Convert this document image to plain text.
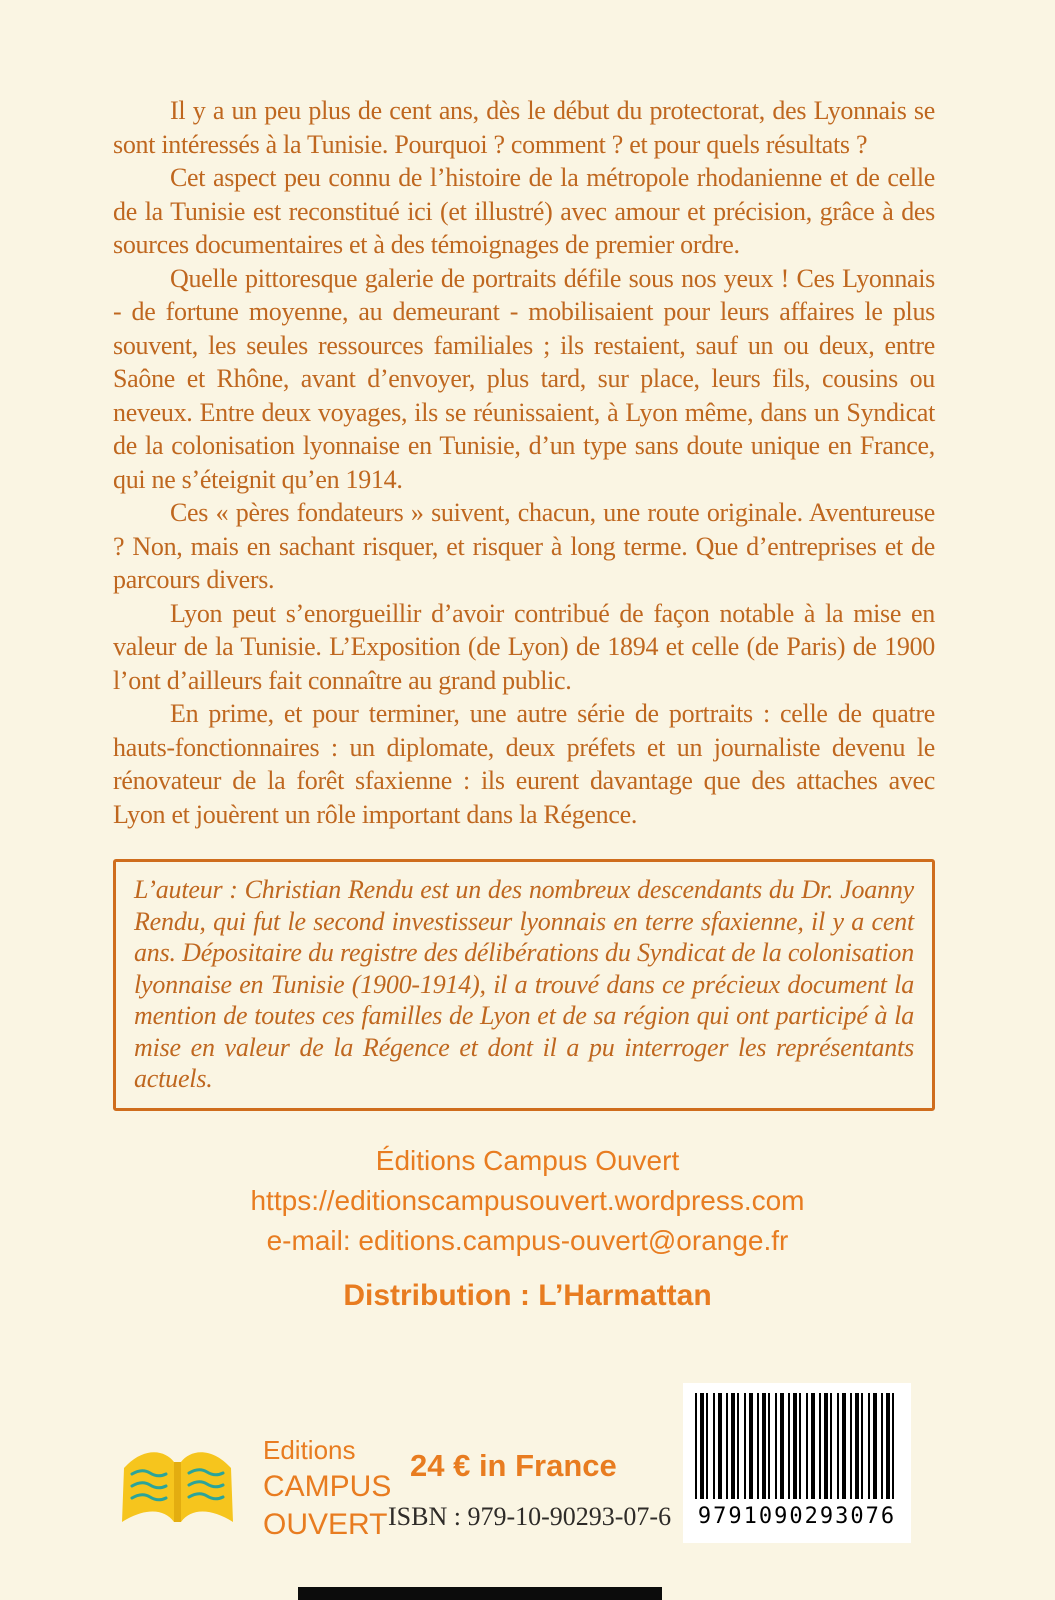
Il y a un peu plus de cent ans, dès le début du protectorat, des Lyonnais se sont intéressés à la Tunisie. Pourquoi ? comment ? et pour quels résultats ?

Cet aspect peu connu de l’histoire de la métropole rhodanienne et de celle de la Tunisie est reconstitué ici (et illustré) avec amour et précision, grâce à des sources documentaires et à des témoignages de premier ordre.

Quelle pittoresque galerie de portraits défile sous nos yeux ! Ces Lyonnais - de fortune moyenne, au demeurant - mobilisaient pour leurs affaires le plus souvent, les seules ressources familiales ; ils restaient, sauf un ou deux, entre Saône et Rhône, avant d’envoyer, plus tard, sur place, leurs fils, cousins ou neveux. Entre deux voyages, ils se réunissaient, à Lyon même, dans un Syndicat de la colonisation lyonnaise en Tunisie, d’un type sans doute unique en France, qui ne s’éteignit qu’en 1914.

Ces « pères fondateurs » suivent, chacun, une route originale. Aventureuse ? Non, mais en sachant risquer, et risquer à long terme. Que d’entreprises et de parcours divers.

Lyon peut s’enorgueillir d’avoir contribué de façon notable à la mise en valeur de la Tunisie. L’Exposition (de Lyon) de 1894 et celle (de Paris) de 1900 l’ont d’ailleurs fait connaître au grand public.

En prime, et pour terminer, une autre série de portraits : celle de quatre hauts-fonctionnaires : un diplomate, deux préfets et un journaliste devenu le rénovateur de la forêt sfaxienne : ils eurent davantage que des attaches avec Lyon et jouèrent un rôle important dans la Régence.

L’auteur : Christian Rendu est un des nombreux descendants du Dr. Joanny Rendu, qui fut le second investisseur lyonnais en terre sfaxienne, il y a cent ans. Dépositaire du registre des délibérations du Syndicat de la colonisation lyonnaise en Tunisie (1900-1914), il a trouvé dans ce précieux document la mention de toutes ces familles de Lyon et de sa région qui ont participé à la mise en valeur de la Régence et dont il a pu interroger les représentants actuels.

Éditions Campus Ouvert
https://editionscampusouvert.wordpress.com
e-mail: editions.campus-ouvert@orange.fr
Distribution : L’Harmattan
Editions
CAMPUS
OUVERT
24 € in France
ISBN : 979-10-90293-07-6 9791090293076
